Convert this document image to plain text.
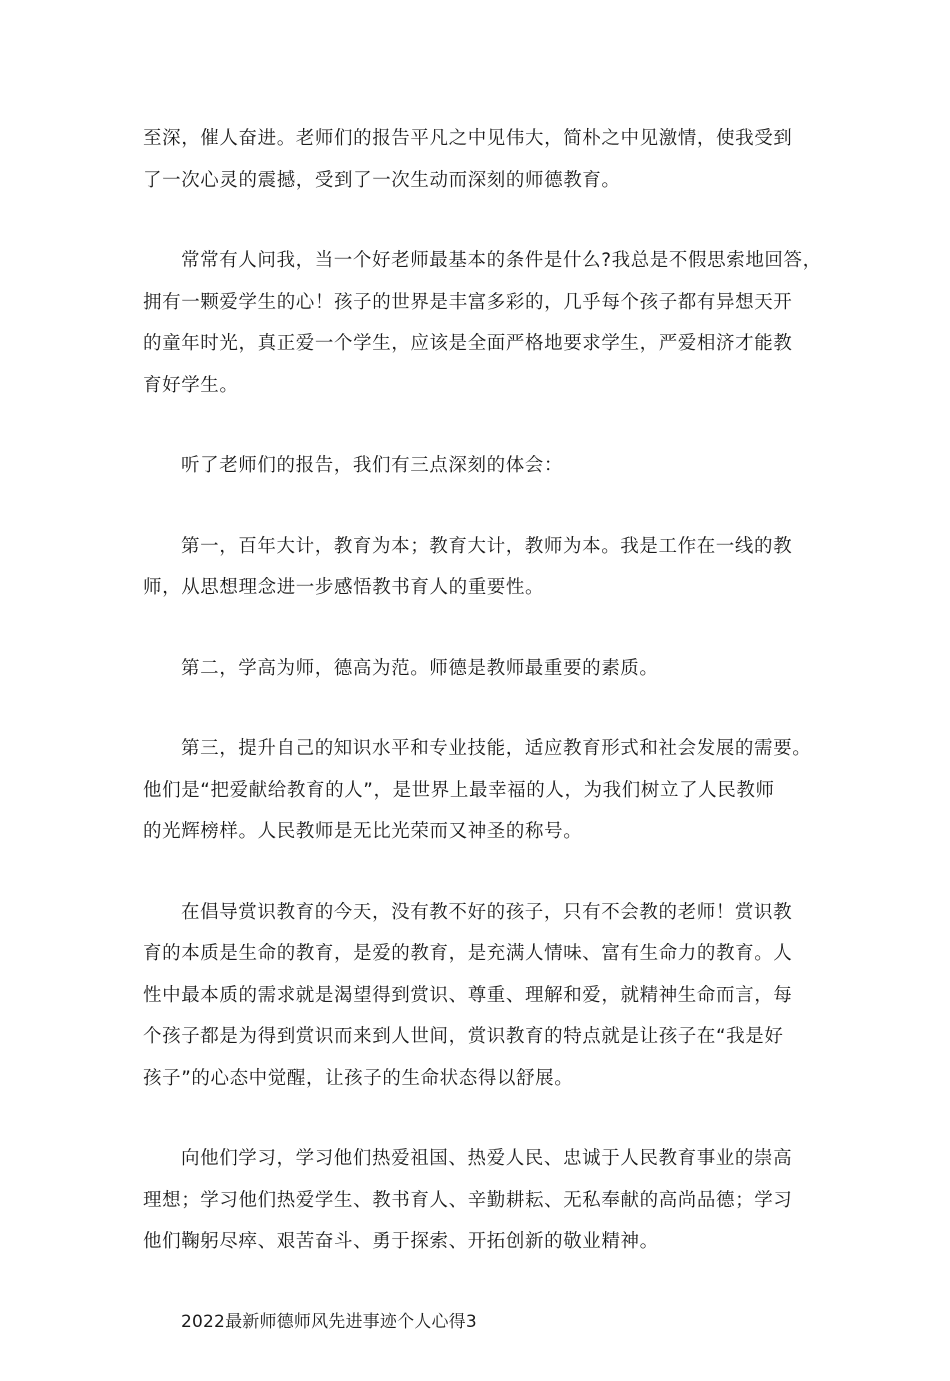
至深，催人奋进。老师们的报告平凡之中见伟大，简朴之中见激情，使我受到
了一次心灵的震撼，受到了一次生动而深刻的师德教育。

常常有人问我，当一个好老师最基本的条件是什么?我总是不假思索地回答，
拥有一颗爱学生的心！孩子的世界是丰富多彩的，几乎每个孩子都有异想天开
的童年时光，真正爱一个学生，应该是全面严格地要求学生，严爱相济才能教
育好学生。

听了老师们的报告，我们有三点深刻的体会：

第一，百年大计，教育为本；教育大计，教师为本。我是工作在一线的教
师，从思想理念进一步感悟教书育人的重要性。

第二，学高为师，德高为范。师德是教师最重要的素质。

第三，提升自己的知识水平和专业技能，适应教育形式和社会发展的需要。
他们是“把爱献给教育的人”，是世界上最幸福的人，为我们树立了人民教师
的光辉榜样。人民教师是无比光荣而又神圣的称号。

在倡导赏识教育的今天，没有教不好的孩子，只有不会教的老师！赏识教
育的本质是生命的教育，是爱的教育，是充满人情味、富有生命力的教育。人
性中最本质的需求就是渴望得到赏识、尊重、理解和爱，就精神生命而言，每
个孩子都是为得到赏识而来到人世间，赏识教育的特点就是让孩子在“我是好
孩子”的心态中觉醒，让孩子的生命状态得以舒展。

向他们学习，学习他们热爱祖国、热爱人民、忠诚于人民教育事业的崇高
理想；学习他们热爱学生、教书育人、辛勤耕耘、无私奉献的高尚品德；学习
他们鞠躬尽瘁、艰苦奋斗、勇于探索、开拓创新的敬业精神。

2022最新师德师风先进事迹个人心得3
